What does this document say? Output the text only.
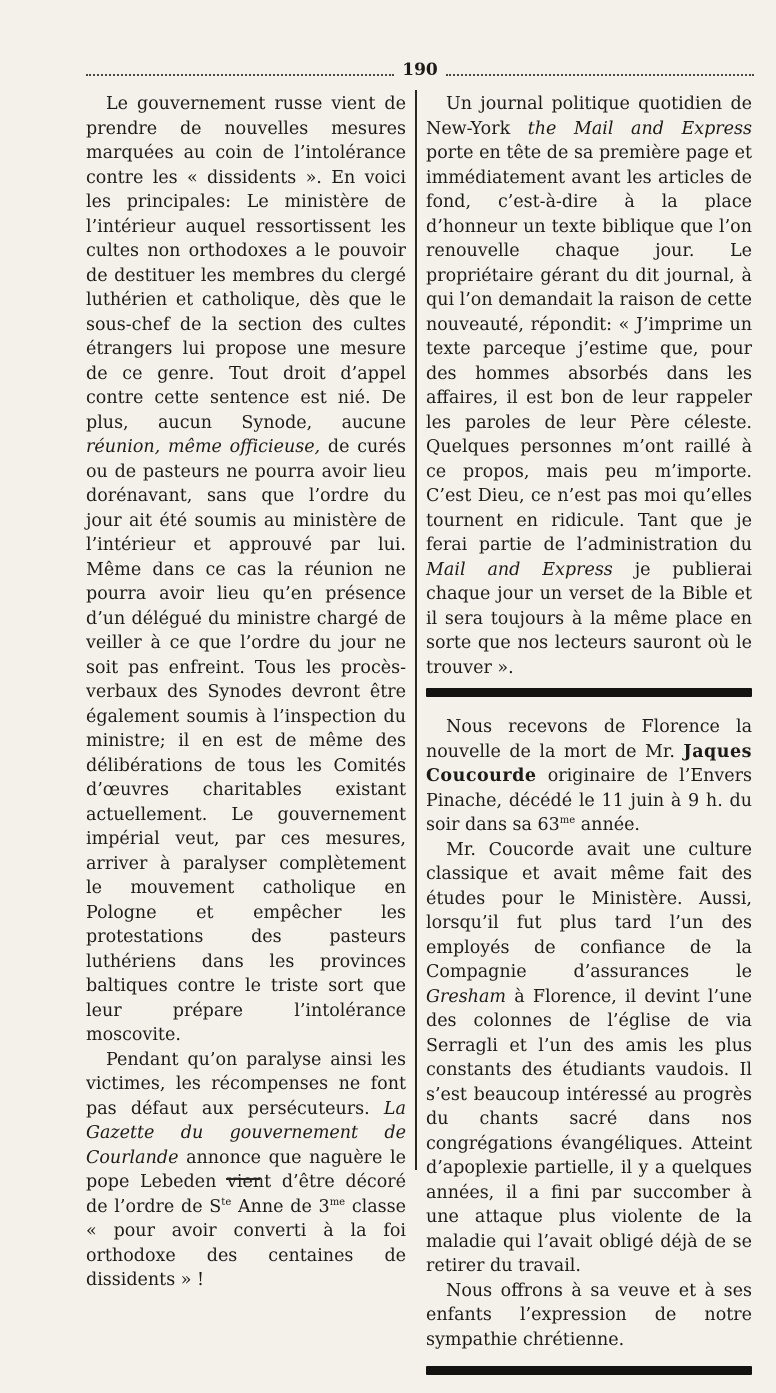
190

Le gouvernement russe vient de prendre de nouvelles mesures marquées au coin de l’intolérance contre les « dissidents ». En voici les principales: Le ministère de l’intérieur auquel ressortissent les cultes non orthodoxes a le pouvoir de destituer les membres du clergé luthérien et catholique, dès que le sous-chef de la section des cultes étrangers lui propose une mesure de ce genre. Tout droit d’appel contre cette sentence est nié. De plus, aucun Synode, aucune réunion, même officieuse, de curés ou de pasteurs ne pourra avoir lieu dorénavant, sans que l’ordre du jour ait été soumis au ministère de l’intérieur et approuvé par lui. Même dans ce cas la réunion ne pourra avoir lieu qu’en présence d’un délégué du ministre chargé de veiller à ce que l’ordre du jour ne soit pas enfreint. Tous les procès-verbaux des Synodes devront être également soumis à l’inspection du ministre; il en est de même des délibérations de tous les Comités d’œuvres charitables existant actuellement. Le gouvernement impérial veut, par ces mesures, arriver à paralyser complètement le mouvement catholique en Pologne et empêcher les protestations des pasteurs luthériens dans les provinces baltiques contre le triste sort que leur prépare l’intolérance moscovite.

Pendant qu’on paralyse ainsi les victimes, les récompenses ne font pas défaut aux persécuteurs. La Gazette du gouvernement de Courlande annonce que naguère le pope Lebeden vient d’être décoré de l’ordre de $S^{te}$ Anne de $3^{me}$ classe « pour avoir converti à la foi orthodoxe des centaines de dissidents » !

Un journal politique quotidien de New-York the Mail and Express porte en tête de sa première page et immédiatement avant les articles de fond, c’est-à-dire à la place d’honneur un texte biblique que l’on renouvelle chaque jour. Le propriétaire gérant du dit journal, à qui l’on demandait la raison de cette nouveauté, répondit: « J’imprime un texte parceque j’estime que, pour des hommes absorbés dans les affaires, il est bon de leur rappeler les paroles de leur Père céleste. Quelques personnes m’ont raillé à ce propos, mais peu m’importe. C’est Dieu, ce n’est pas moi qu’elles tournent en ridicule. Tant que je ferai partie de l’administration du Mail and Express je publierai chaque jour un verset de la Bible et il sera toujours à la même place en sorte que nos lecteurs sauront où le trouver ».

Nous recevons de Florence la nouvelle de la mort de Mr. Jaques Coucourde originaire de l’Envers Pinache, décédé le 11 juin à 9 h. du soir dans sa $63^{me}$ année.

Mr. Coucorde avait une culture classique et avait même fait des études pour le Ministère. Aussi, lorsqu’il fut plus tard l’un des employés de confiance de la Compagnie d’assurances le Gresham à Florence, il devint l’une des colonnes de l’église de via Serragli et l’un des amis les plus constants des étudiants vaudois. Il s’est beaucoup intéressé au progrès du chants sacré dans nos congrégations évangéliques. Atteint d’apoplexie partielle, il y a quelques années, il a fini par succomber à une attaque plus violente de la maladie qui l’avait obligé déjà de se retirer du travail.

Nous offrons à sa veuve et à ses enfants l’expression de notre sympathie chrétienne.
